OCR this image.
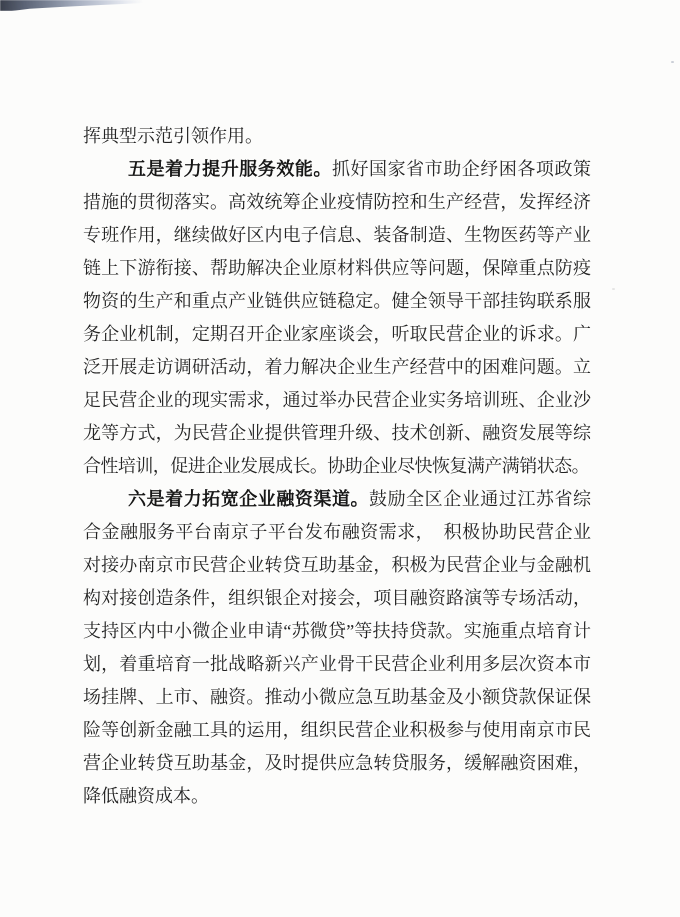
挥典型示范引领作用。
五是着力提升服务效能。抓好国家省市助企纾困各项政策
措施的贯彻落实。高效统筹企业疫情防控和生产经营，发挥经济
专班作用，继续做好区内电子信息、装备制造、生物医药等产业
链上下游衔接、帮助解决企业原材料供应等问题，保障重点防疫
物资的生产和重点产业链供应链稳定。健全领导干部挂钩联系服
务企业机制，定期召开企业家座谈会，听取民营企业的诉求。广
泛开展走访调研活动，着力解决企业生产经营中的困难问题。立
足民营企业的现实需求，通过举办民营企业实务培训班、企业沙
龙等方式，为民营企业提供管理升级、技术创新、融资发展等综
合性培训，促进企业发展成长。协助企业尽快恢复满产满销状态。
六是着力拓宽企业融资渠道。鼓励全区企业通过江苏省综
合金融服务平台南京子平台发布融资需求，　积极协助民营企业
对接办南京市民营企业转贷互助基金，积极为民营企业与金融机
构对接创造条件，组织银企对接会，项目融资路演等专场活动，
支持区内中小微企业申请“苏微贷”等扶持贷款。实施重点培育计
划，着重培育一批战略新兴产业骨干民营企业利用多层次资本市
场挂牌、上市、融资。推动小微应急互助基金及小额贷款保证保
险等创新金融工具的运用，组织民营企业积极参与使用南京市民
营企业转贷互助基金，及时提供应急转贷服务，缓解融资困难，
降低融资成本。
